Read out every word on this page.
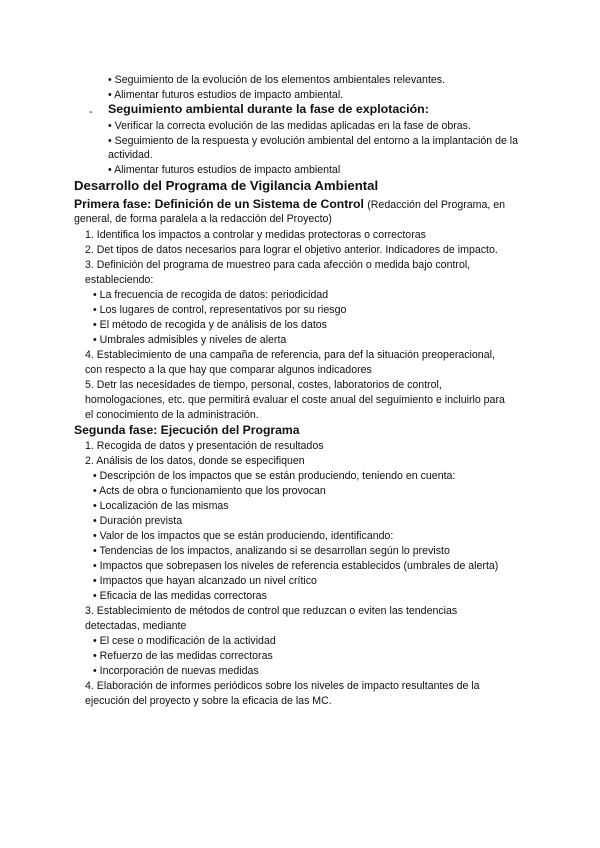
• Seguimiento de la evolución de los elementos ambientales relevantes.
• Alimentar futuros estudios de impacto ambiental.
- Seguimiento ambiental durante la fase de explotación:
• Verificar la correcta evolución de las medidas aplicadas en la fase de obras.
• Seguimiento de la respuesta y evolución ambiental del entorno a la implantación de la actividad.
• Alimentar futuros estudios de impacto ambiental
Desarrollo del Programa de Vigilancia Ambiental
Primera fase: Definición de un Sistema de Control (Redacción del Programa, en
general, de forma paralela a la redacción del Proyecto)
1. Identifica los impactos a controlar y medidas protectoras o correctoras
2. Det tipos de datos necesarios para lograr el objetivo anterior. Indicadores de impacto.
3. Definición del programa de muestreo para cada afección o medida bajo control,
estableciendo:
• La frecuencia de recogida de datos: periodicidad
• Los lugares de control, representativos por su riesgo
• El método de recogida y de análisis de los datos
• Umbrales admisibles y niveles de alerta
4. Establecimiento de una campaña de referencia, para def la situación preoperacional,
con respecto a la que hay que comparar algunos indicadores
5. Detr las necesidades de tiempo, personal, costes, laboratorios de control,
homologaciones, etc. que permitirá evaluar el coste anual del seguimiento e incluirlo para
el conocimiento de la administración.
Segunda fase: Ejecución del Programa
1. Recogida de datos y presentación de resultados
2. Análisis de los datos, donde se especifiquen
• Descripción de los impactos que se están produciendo, teniendo en cuenta:
• Acts de obra o funcionamiento que los provocan
• Localización de las mismas
• Duración prevista
• Valor de los impactos que se están produciendo, identificando:
• Tendencias de los impactos, analizando si se desarrollan según lo previsto
• Impactos que sobrepasen los niveles de referencia establecidos (umbrales de alerta)
• Impactos que hayan alcanzado un nivel crítico
• Eficacia de las medidas correctoras
3. Establecimiento de métodos de control que reduzcan o eviten las tendencias
detectadas, mediante
• El cese o modificación de la actividad
• Refuerzo de las medidas correctoras
• Incorporación de nuevas medidas
4. Elaboración de informes periódicos sobre los niveles de impacto resultantes de la
ejecución del proyecto y sobre la eficacia de las MC.
